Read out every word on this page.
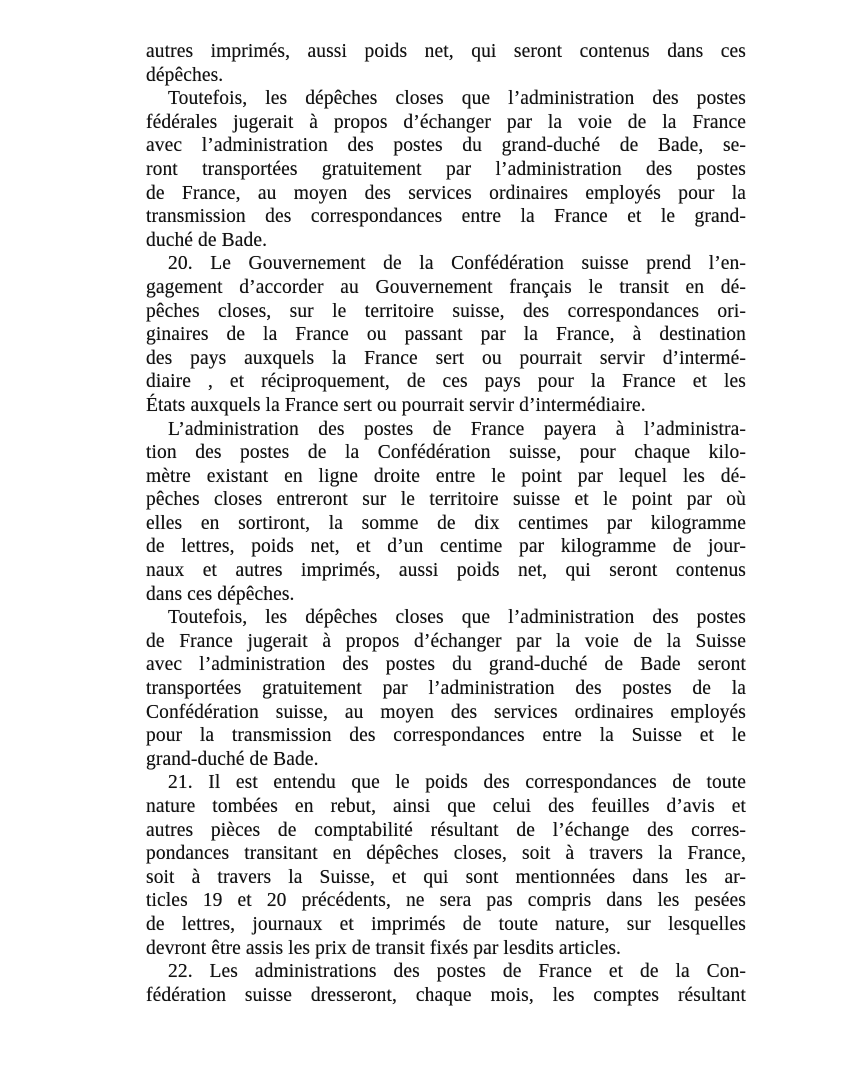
autres imprimés, aussi poids net, qui seront contenus dans ces
dépêches.
Toutefois, les dépêches closes que l’administration des postes
fédérales jugerait à propos d’échanger par la voie de la France
avec l’administration des postes du grand-duché de Bade, se-
ront transportées gratuitement par l’administration des postes
de France, au moyen des services ordinaires employés pour la
transmission des correspondances entre la France et le grand-
duché de Bade.
20. Le Gouvernement de la Confédération suisse prend l’en-
gagement d’accorder au Gouvernement français le transit en dé-
pêches closes, sur le territoire suisse, des correspondances ori-
ginaires de la France ou passant par la France, à destination
des pays auxquels la France sert ou pourrait servir d’intermé-
diaire , et réciproquement, de ces pays pour la France et les
États auxquels la France sert ou pourrait servir d’intermédiaire.
L’administration des postes de France payera à l’administra-
tion des postes de la Confédération suisse, pour chaque kilo-
mètre existant en ligne droite entre le point par lequel les dé-
pêches closes entreront sur le territoire suisse et le point par où
elles en sortiront, la somme de dix centimes par kilogramme
de lettres, poids net, et d’un centime par kilogramme de jour-
naux et autres imprimés, aussi poids net, qui seront contenus
dans ces dépêches.
Toutefois, les dépêches closes que l’administration des postes
de France jugerait à propos d’échanger par la voie de la Suisse
avec l’administration des postes du grand-duché de Bade seront
transportées gratuitement par l’administration des postes de la
Confédération suisse, au moyen des services ordinaires employés
pour la transmission des correspondances entre la Suisse et le
grand-duché de Bade.
21. Il est entendu que le poids des correspondances de toute
nature tombées en rebut, ainsi que celui des feuilles d’avis et
autres pièces de comptabilité résultant de l’échange des corres-
pondances transitant en dépêches closes, soit à travers la France,
soit à travers la Suisse, et qui sont mentionnées dans les ar-
ticles 19 et 20 précédents, ne sera pas compris dans les pesées
de lettres, journaux et imprimés de toute nature, sur lesquelles
devront être assis les prix de transit fixés par lesdits articles.
22. Les administrations des postes de France et de la Con-
fédération suisse dresseront, chaque mois, les comptes résultant
